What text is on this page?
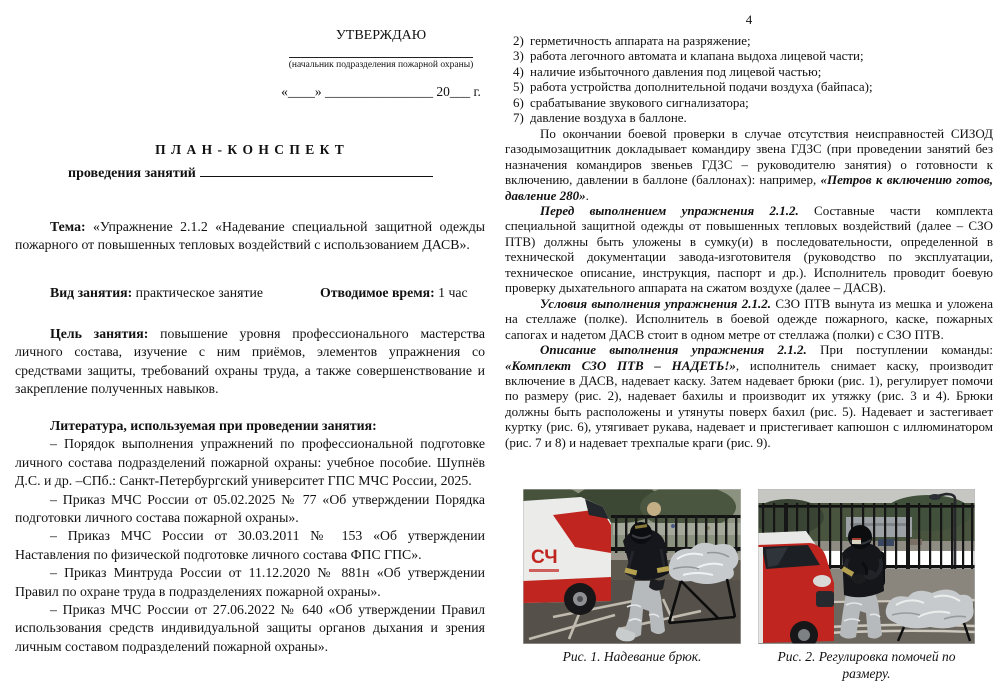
УТВЕРЖДАЮ
(начальник подразделения пожарной охраны)
«____» ________________ 20___ г.
П Л А Н - К О Н С П Е К Т
проведения занятий

Тема: «Упражнение 2.1.2 «Надевание специальной защитной одежды пожарного от повышенных тепловых воздействий с использованием ДАСВ».

Вид занятия: практическое занятие	Отводимое время: 1 час

Цель занятия: повышение уровня профессионального мастерства личного состава, изучение с ним приёмов, элементов упражнения со средствами защиты, требований охраны труда, а также совершенствование и закрепление полученных навыков.

Литература, используемая при проведении занятия:

– Порядок выполнения упражнений по профессиональной подготовке личного состава подразделений пожарной охраны: учебное пособие. Шупнёв Д.С. и др. –СПб.: Санкт-Петербургский университет ГПС МЧС России, 2025.

– Приказ МЧС России от 05.02.2025 № 77 «Об утверждении Порядка подготовки личного состава пожарной охраны».

– Приказ МЧС России от 30.03.2011 № 153 «Об утверждении Наставления по физической подготовке личного состава ФПС ГПС».

– Приказ Минтруда России от 11.12.2020 № 881н «Об утверждении Правил по охране труда в подразделениях пожарной охраны».

– Приказ МЧС России от 27.06.2022 № 640 «Об утверждении Правил использования средств индивидуальной защиты органов дыхания и зрения личным составом подразделений пожарной охраны».

4
2) герметичность аппарата на разряжение;
3) работа легочного автомата и клапана выдоха лицевой части;
4) наличие избыточного давления под лицевой частью;
5) работа устройства дополнительной подачи воздуха (байпаса);
6) срабатывание звукового сигнализатора;
7) давление воздуха в баллоне.

По окончании боевой проверки в случае отсутствия неисправностей СИЗОД газодымозащитник докладывает командиру звена ГДЗС (при проведении занятий без назначения командиров звеньев ГДЗС – руководителю занятия) о готовности к включению, давлении в баллоне (баллонах): например, «Петров к включению готов, давление 280».

Перед выполнением упражнения 2.1.2. Составные части комплекта специальной защитной одежды от повышенных тепловых воздействий (далее – СЗО ПТВ) должны быть уложены в сумку(и) в последовательности, определенной в технической документации завода-изготовителя (руководство по эксплуатации, техническое описание, инструкция, паспорт и др.). Исполнитель проводит боевую проверку дыхательного аппарата на сжатом воздухе (далее – ДАСВ).

Условия выполнения упражнения 2.1.2. СЗО ПТВ вынута из мешка и уложена на стеллаже (полке). Исполнитель в боевой одежде пожарного, каске, пожарных сапогах и надетом ДАСВ стоит в одном метре от стеллажа (полки) с СЗО ПТВ.

Описание выполнения упражнения 2.1.2. При поступлении команды: «Комплект СЗО ПТВ – НАДЕТЬ!», исполнитель снимает каску, производит включение в ДАСВ, надевает каску. Затем надевает брюки (рис. 1), регулирует помочи по размеру (рис. 2), надевает бахилы и производит их утяжку (рис. 3 и 4). Брюки должны быть расположены и утянуты поверх бахил (рис. 5). Надевает и застегивает куртку (рис. 6), утягивает рукава, надевает и пристегивает капюшон с иллюминатором (рис. 7 и 8) и надевает трехпалые краги (рис. 9).

СЧ
Рис. 1. Надевание брюк.	Рис. 2. Регулировка помочей по размеру.
